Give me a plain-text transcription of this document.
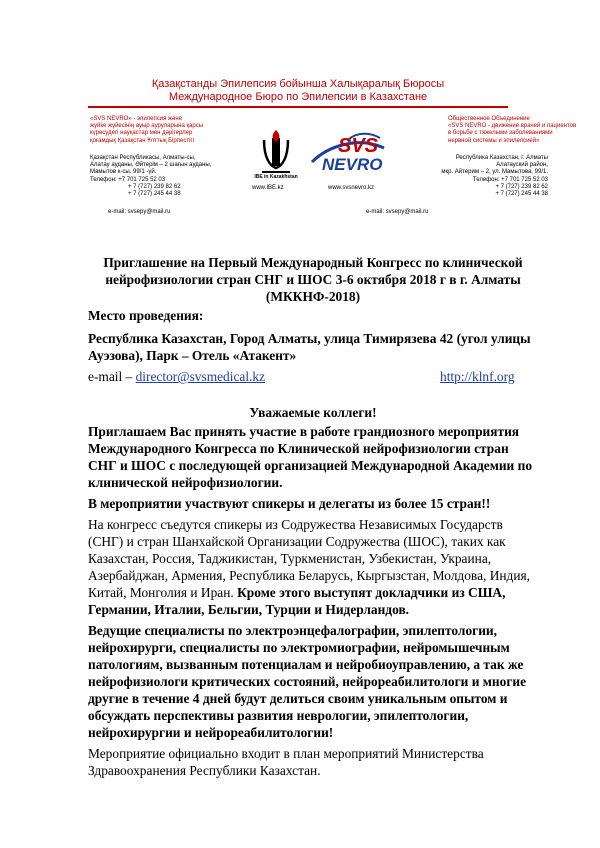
Қазақстанды Эпилепсия бойынша Халықаралық Бюросы
Международное Бюро по Эпилепсии в Казахстане
«SVS NEVRO» - эпилепсия және
жүйке жүйесінің ауыр ауруларына қарсы
күресудегі науқастар мен дәрігерлер
қоғамдық Қазақстан Ұлттық Бірлестігі
Қазақстан Республикасы, Алматы-сы,
Алатау ауданы, Әйтерім – 2 шағын ауданы,
Мамытов к-сы, 99/1 -үй.
Телефон: +7 701 725 52 03
+ 7 (727) 239 82 62
+ 7 (727) 245 44 38
Общественное Объединение
«SVS NEVRO - движение врачей и пациентов
в борьбе с тяжелыми заболеваниями
нервной системы и эпилепсией»
Республика Казахстан, г. Алматы
Алатауский район,
мкр. Айтерим – 2, ул. Мамытова, 99/1.
Телефон: +7 701 725 52 03
+ 7 (727) 239 82 62
+ 7 (727) 245 44 38
IBE in Kazakhstan
SVS
NEVRO
www.IBE.kz	www.svsnevro.kz
e-mail: svsepy@mail.ru	e-mail: svsepy@mail.ru

Приглашение на Первый Международный Конгресс по клинической нейрофизиологии стран СНГ и ШОС 3-6 октября 2018 г в г. Алматы (МККНФ-2018)

Место проведения:
Республика Казахстан, Город Алматы, улица Тимирязева 42 (угол улицы Ауэзова), Парк – Отель «Атакент»
e-mail – director@svsmedical.kz	http://klnf.org
Уважаемые коллеги!
Приглашаем Вас принять участие в работе грандиозного мероприятия Международного Конгресса по Клинической нейрофизиологии стран СНГ и ШОС с последующей организацией Международной Академии по клинической нейрофизиологии.
В мероприятии участвуют спикеры и делегаты из более 15 стран!!
На конгресс съедутся спикеры из Содружества Независимых Государств (СНГ) и стран Шанхайской Организации Содружества (ШОС), таких как Казахстан, Россия, Таджикистан, Туркменистан, Узбекистан, Украина, Азербайджан, Армения, Республика Беларусь, Кыргызстан, Молдова, Индия, Китай, Монголия и Иран. Кроме этого выступят докладчики из США, Германии, Италии, Бельгии, Турции и Нидерландов.
Ведущие специалисты по электроэнцефалографии, эпилептологии, нейрохирурги, специалисты по электромиографии, нейромышечным патологиям, вызванным потенциалам и нейробиоуправлению, а так же нейрофизиологи критических состояний, нейрореабилитологи и многие другие в течение 4 дней будут делиться своим уникальным опытом и обсуждать перспективы развития неврологии, эпилептологии, нейрохирургии и нейрореабилитологии!
Мероприятие официально входит в план мероприятий Министерства Здравоохранения Республики Казахстан.
